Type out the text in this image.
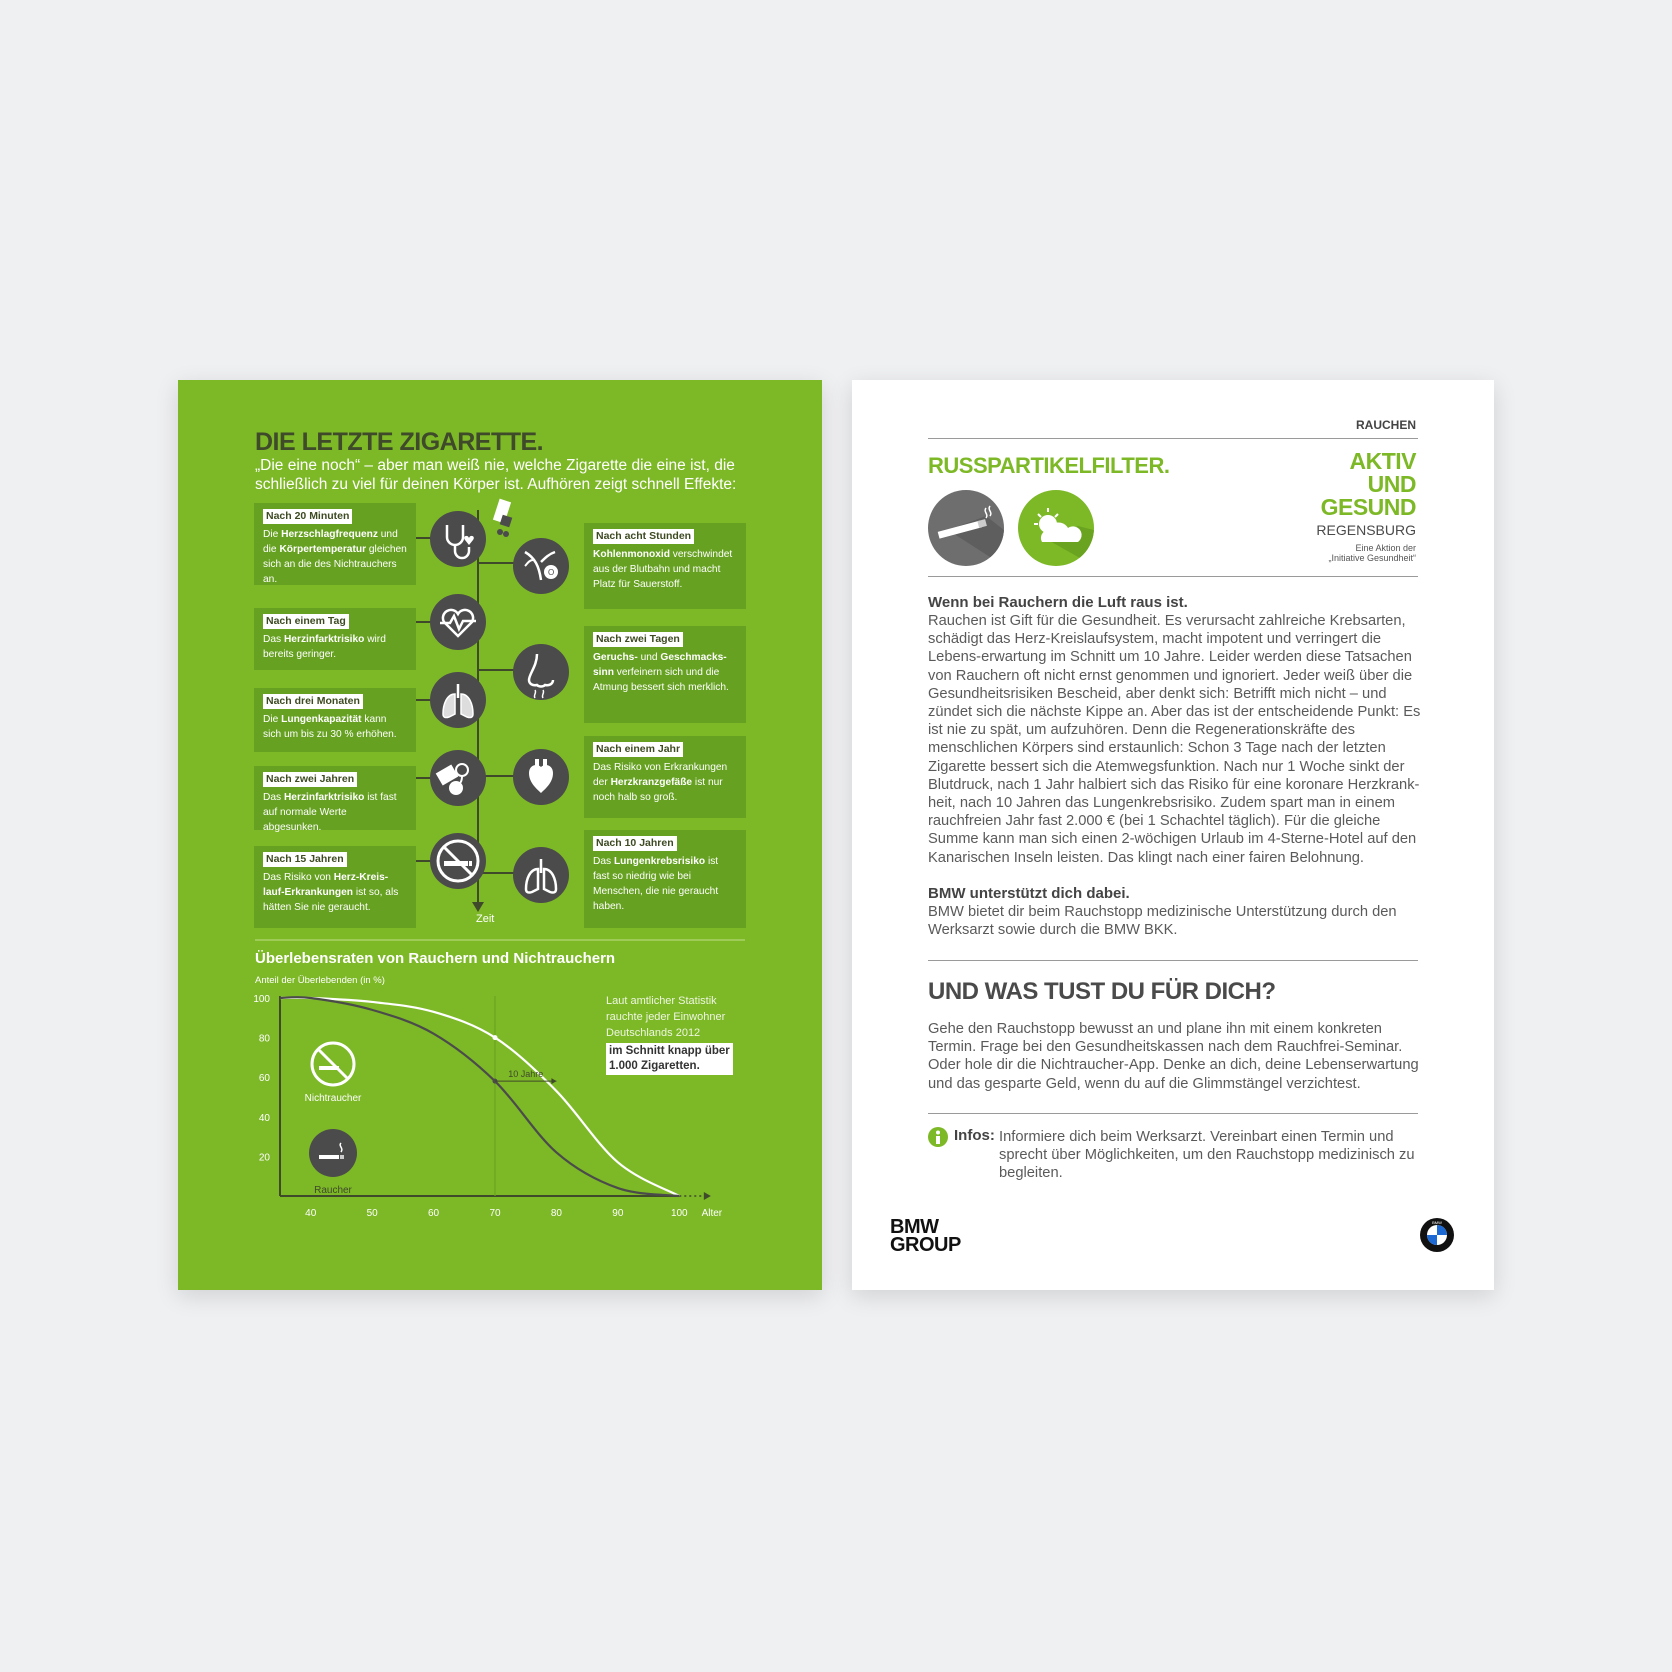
DIE LETZTE ZIGARETTE.
„Die eine noch“ – aber man weiß nie, welche Zigarette die eine ist, die schließlich zu viel für deinen Körper ist. Aufhören zeigt schnell Effekte:
Nach 20 Minuten
Die Herzschlagfrequenz und die Körpertemperatur gleichen sich an die des Nichtrauchers an.
Nach einem Tag
Das Herzinfarktrisiko wird bereits geringer.
Nach drei Monaten
Die Lungenkapazität kann sich um bis zu 30 % erhöhen.
Nach zwei Jahren
Das Herzinfarktrisiko ist fast auf normale Werte abgesunken.
Nach 15 Jahren
Das Risiko von Herz-Kreis-lauf-Erkrankungen ist so, als hätten Sie nie geraucht.
Nach acht Stunden
Kohlenmonoxid verschwindet aus der Blutbahn und macht Platz für Sauerstoff.
Nach zwei Tagen
Geruchs- und Geschmacks-sinn verfeinern sich und die Atmung bessert sich merklich.
Nach einem Jahr
Das Risiko von Erkrankungen der Herzkranzgefäße ist nur noch halb so groß.
Nach 10 Jahren
Das Lungenkrebsrisiko ist fast so niedrig wie bei Menschen, die nie geraucht haben.
O
Zeit
Überlebensraten von Rauchern und Nichtrauchern
Anteil der Überlebenden (in %)
20
40
60
80
100
40	50	60	70	80	90	100 Alter
10 Jahre
Nichtraucher
Raucher
Laut amtlicher Statistik rauchte jeder Einwohner Deutschlands 2012
im Schnitt knapp über
1.000 Zigaretten.
RAUCHEN
RUSSPARTIKELFILTER.	AKTIV
UND
GESUND
REGENSBURG
Eine Aktion der
„Initiative Gesundheit“
Wenn bei Rauchern die Luft raus ist.
Rauchen ist Gift für die Gesundheit. Es verursacht zahlreiche Krebsarten, schädigt das Herz-Kreislaufsystem, macht impotent und verringert die Lebens-erwartung im Schnitt um 10 Jahre. Leider werden diese Tatsachen von Rauchern oft nicht ernst genommen und ignoriert. Jeder weiß über die Gesundheitsrisiken Bescheid, aber denkt sich: Betrifft mich nicht – und zündet sich die nächste Kippe an. Aber das ist der entscheidende Punkt: Es ist nie zu spät, um aufzuhören. Denn die Regenerationskräfte des menschlichen Körpers sind erstaunlich: Schon 3 Tage nach der letzten Zigarette bessert sich die Atemwegsfunktion. Nach nur 1 Woche sinkt der Blutdruck, nach 1 Jahr halbiert sich das Risiko für eine koronare Herzkrank-heit, nach 10 Jahren das Lungenkrebsrisiko. Zudem spart man in einem rauchfreien Jahr fast 2.000 € (bei 1 Schachtel täglich). Für die gleiche Summe kann man sich einen 2-wöchigen Urlaub im 4-Sterne-Hotel auf den Kanarischen Inseln leisten. Das klingt nach einer fairen Belohnung.
BMW unterstützt dich dabei.
BMW bietet dir beim Rauchstopp medizinische Unterstützung durch den Werksarzt sowie durch die BMW BKK.
UND WAS TUST DU FÜR DICH?
Gehe den Rauchstopp bewusst an und plane ihn mit einem konkreten Termin. Frage bei den Gesundheitskassen nach dem Rauchfrei-Seminar. Oder hole dir die Nichtraucher-App. Denke an dich, deine Lebenserwartung und das gesparte Geld, wenn du auf die Glimmstängel verzichtest.
Infos: Informiere dich beim Werksarzt. Vereinbart einen Termin und sprecht über Möglichkeiten, um den Rauchstopp medizinisch zu begleiten.
BMW
GROUP
BMW
